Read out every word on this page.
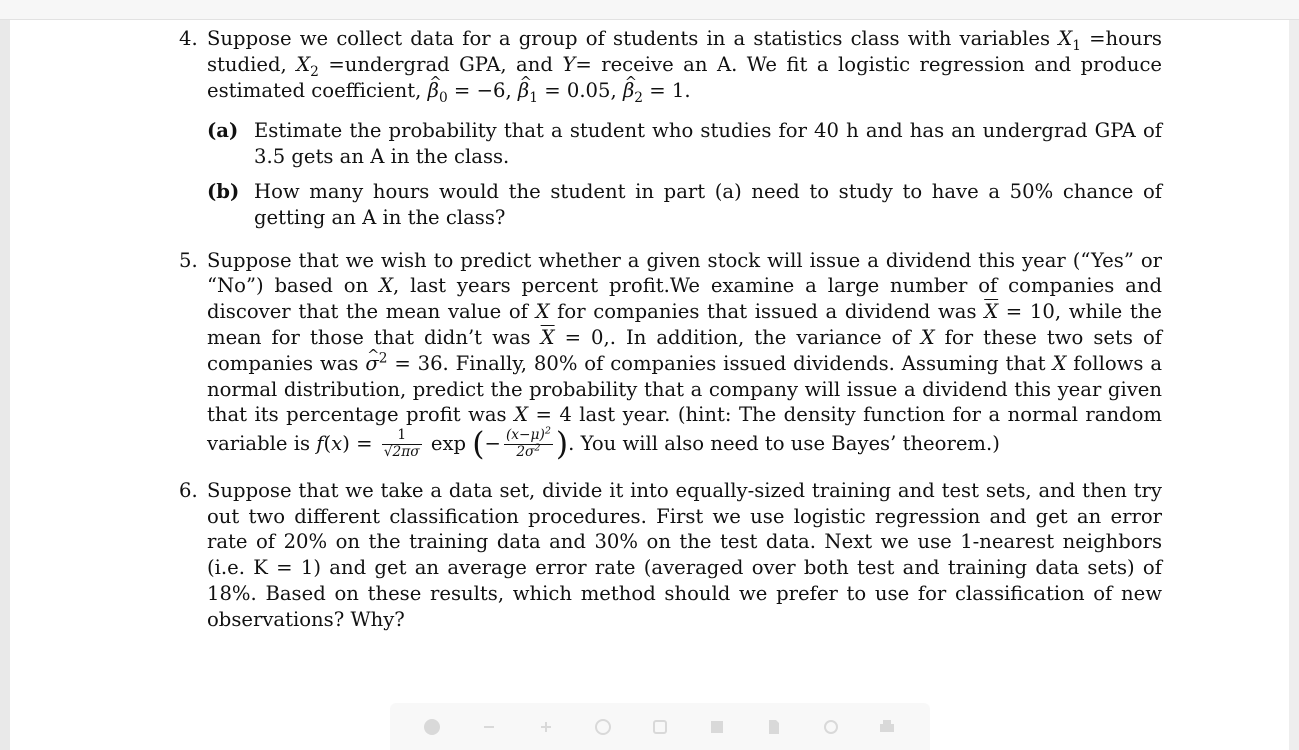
4. Suppose we collect data for a group of students in a statistics class with variables $X_1$ =hours studied, $X_2$ =undergrad GPA, and Y= receive an A. We fit a logistic regression and produce estimated coefficient, ^ $\beta_0 = -6$, ^ $\beta_1 = 0.05$, ^ $\beta_2 = 1$.
(a) Estimate the probability that a student who studies for 40 h and has an undergrad GPA of 3.5 gets an A in the class.
(b) How many hours would the student in part (a) need to study to have a 50% chance of getting an A in the class?
5. Suppose that we wish to predict whether a given stock will issue a dividend this year (“Yes” or “No”) based on X, last years percent profit.We examine a large number of companies and discover that the mean value of X for companies that issued a dividend was $\overline{X} = 10$, while the mean for those that didn’t was $\overline{X} = 0$,. In addition, the variance of X for these two sets of companies was ^ $\sigma^2 = 36$. Finally, 80% of companies issued dividends. Assuming that X follows a normal distribution, predict the probability that a company will issue a dividend this year given that its percentage profit was X = 4 last year. (hint: The density function for a normal random variable is $f(x) = \frac{1}{√2\pi\sigma}$ exp (− $\frac{(x-\mu)^2}{2\sigma^2}$ ). You will also need to use Bayes’ theorem.)
6. Suppose that we take a data set, divide it into equally-sized training and test sets, and then try out two different classification procedures. First we use logistic regression and get an error rate of 20% on the training data and 30% on the test data. Next we use 1-nearest neighbors (i.e. K = 1) and get an average error rate (averaged over both test and training data sets) of 18%. Based on these results, which method should we prefer to use for classification of new observations? Why?
